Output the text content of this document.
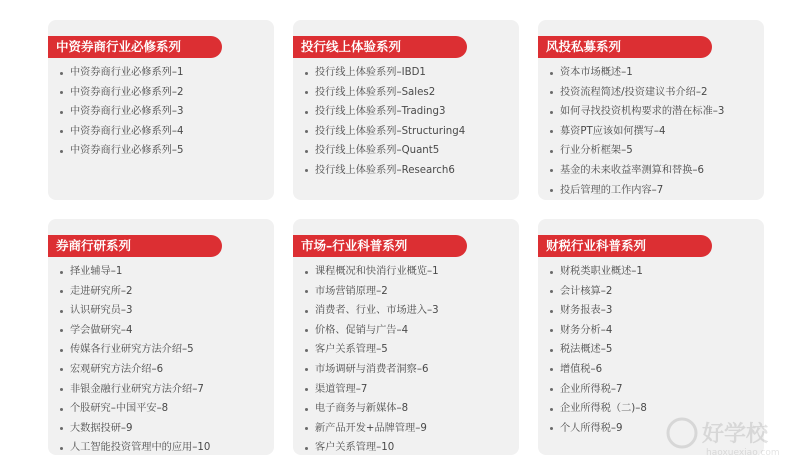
中资券商行业必修系列
中资券商行业必修系列–1
中资券商行业必修系列–2
中资券商行业必修系列–3
中资券商行业必修系列–4
中资券商行业必修系列–5
投行线上体验系列
投行线上体验系列–IBD1
投行线上体验系列–Sales2
投行线上体验系列–Trading3
投行线上体验系列–Structuring4
投行线上体验系列–Quant5
投行线上体验系列–Research6
风投私募系列
资本市场概述–1
投资流程简述/投资建议书介绍–2
如何寻找投资机构要求的潜在标准–3
募资PT应该如何撰写–4
行业分析框架–5
基金的未来收益率测算和替换–6
投后管理的工作内容–7
券商行研系列
择业辅导–1
走进研究所–2
认识研究员–3
学会做研究–4
传媒各行业研究方法介绍–5
宏观研究方法介绍–6
非银金融行业研究方法介绍–7
个股研究–中国平安–8
大数据投研–9
人工智能投资管理中的应用–10
市场–行业科普系列
课程概况和快消行业概览–1
市场营销原理–2
消费者、行业、市场进入–3
价格、促销与广告–4
客户关系管理–5
市场调研与消费者洞察–6
渠道管理–7
电子商务与新媒体–8
新产品开发+品牌管理–9
客户关系管理–10
财税行业科普系列
财税类职业概述–1
会计核算–2
财务报表–3
财务分析–4
税法概述–5
增值税–6
企业所得税–7
企业所得税（二)–8
个人所得税–9	好学校
haoxuexiao.com
